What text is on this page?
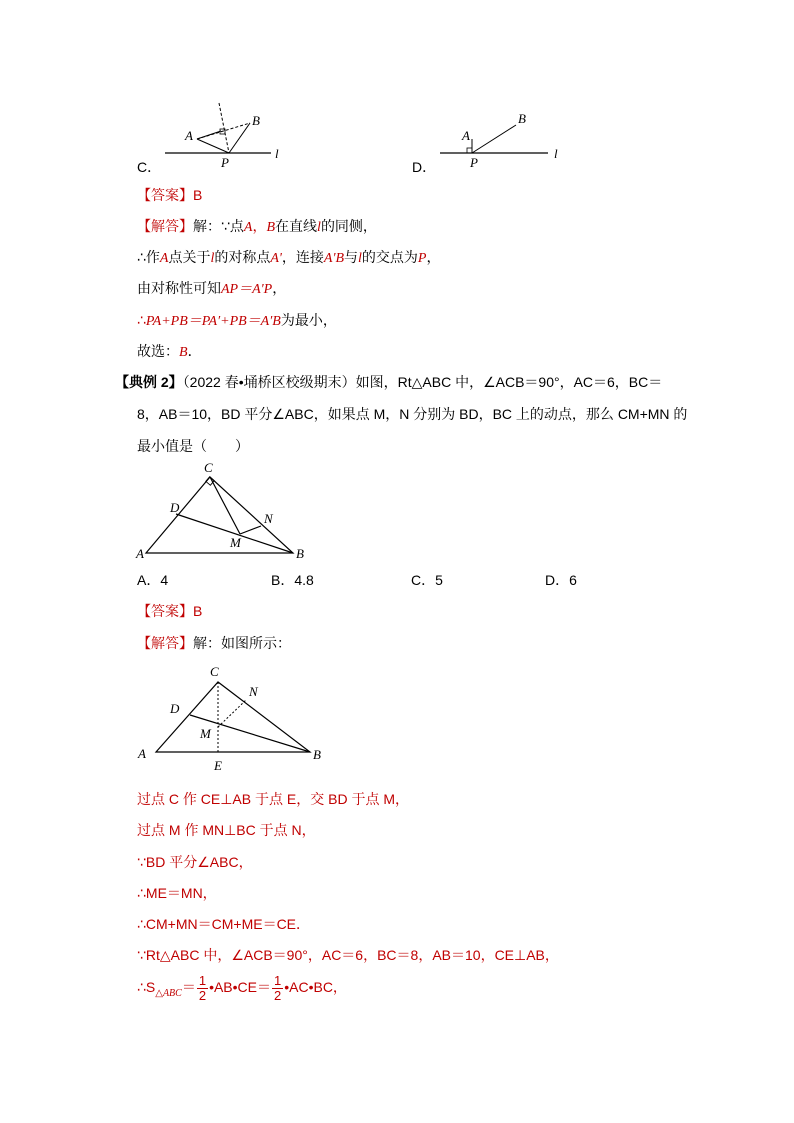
C．
A
B
P
l
D．
A
B
P
l
【答案】B
【解答】解：∵点A，B在直线l的同侧，
∴作A点关于l的对称点A'，连接A'B与l的交点为P，
由对称性可知AP＝A'P，
∴PA+PB＝PA′+PB＝A′B为最小，
故选：B．
【典例 2】（2022 春•埇桥区校级期末）如图，Rt△ABC 中，∠ACB＝90°，AC＝6，BC＝
8，AB＝10，BD 平分∠ABC，如果点 M，N 分别为 BD，BC 上的动点，那么 CM+MN 的
最小值是（　　）
C
D
N
M
A	B
A．4	B．4.8	C．5	D．6
【答案】B
【解答】解：如图所示：
C
N
D
M
A	B
E
过点 C 作 CE⊥AB 于点 E，交 BD 于点 M，
过点 M 作 MN⊥BC 于点 N，
∵BD 平分∠ABC，
∴ME＝MN，
∴CM+MN＝CM+ME＝CE．
∵Rt△ABC 中，∠ACB＝90°，AC＝6，BC＝8，AB＝10，CE⊥AB，
$\therefore S_{\triangle ABC}= \frac{1}{2}$ •AB•CE＝ $\frac{1}{2}$ •AC•BC，
